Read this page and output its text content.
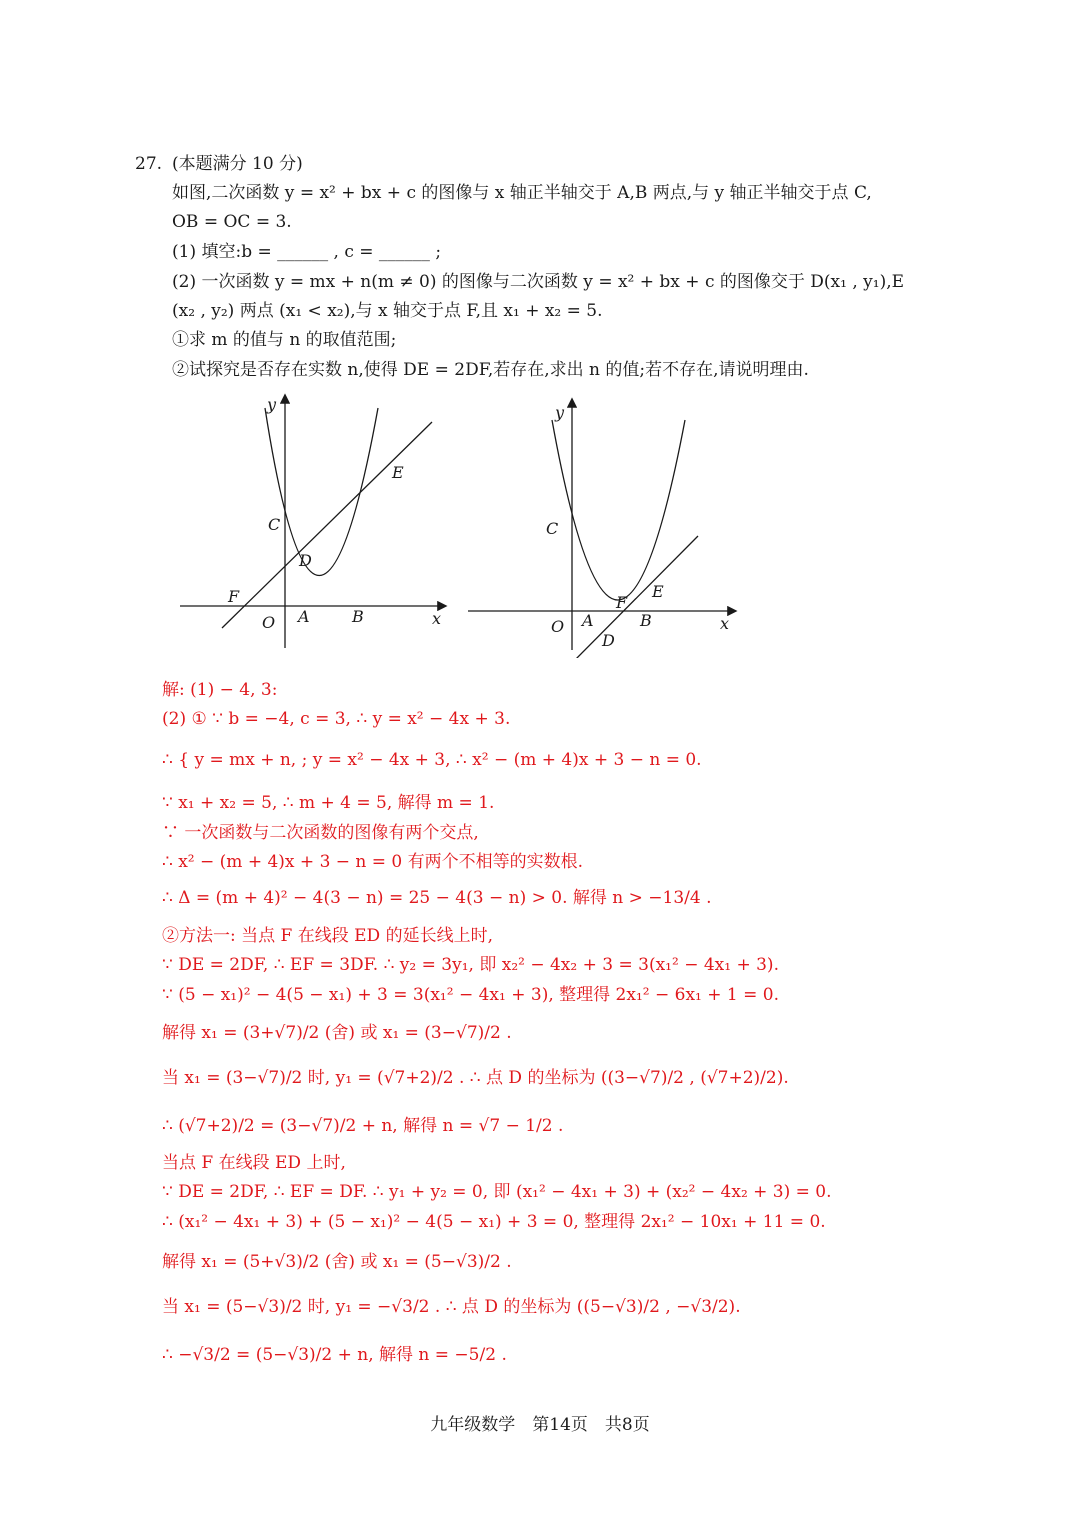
27. (本题满分 10 分)
如图,二次函数 y = x² + bx + c 的图像与 x 轴正半轴交于 A,B 两点,与 y 轴正半轴交于点 C,
OB = OC = 3.
(1) 填空:b = ______ , c = ______ ;
(2) 一次函数 y = mx + n(m ≠ 0) 的图像与二次函数 y = x² + bx + c 的图像交于 D(x₁ , y₁),E
(x₂ , y₂) 两点 (x₁ < x₂),与 x 轴交于点 F,且 x₁ + x₂ = 5.
①求 m 的值与 n 的取值范围;
②试探究是否存在实数 n,使得 DE = 2DF,若存在,求出 n 的值;若不存在,请说明理由.
y
x
O A	B
C
D
E
F
y
x
O A	B
C
D
E
F
解: (1) − 4, 3:
(2) ① ∵ b = −4, c = 3, ∴ y = x² − 4x + 3.
∴ { y = mx + n, ; y = x² − 4x + 3, ∴ x² − (m + 4)x + 3 − n = 0.
∵ x₁ + x₂ = 5, ∴ m + 4 = 5, 解得 m = 1.
∵ 一次函数与二次函数的图像有两个交点,
∴ x² − (m + 4)x + 3 − n = 0 有两个不相等的实数根.
∴ Δ = (m + 4)² − 4(3 − n) = 25 − 4(3 − n) > 0. 解得 n > −13/4 .
②方法一: 当点 F 在线段 ED 的延长线上时,
∵ DE = 2DF, ∴ EF = 3DF. ∴ y₂ = 3y₁, 即 x₂² − 4x₂ + 3 = 3(x₁² − 4x₁ + 3).
∵ (5 − x₁)² − 4(5 − x₁) + 3 = 3(x₁² − 4x₁ + 3), 整理得 2x₁² − 6x₁ + 1 = 0.
解得 x₁ = (3+√7)/2 (舍) 或 x₁ = (3−√7)/2 .
当 x₁ = (3−√7)/2 时, y₁ = (√7+2)/2 . ∴ 点 D 的坐标为 ((3−√7)/2 , (√7+2)/2).
∴ (√7+2)/2 = (3−√7)/2 + n, 解得 n = √7 − 1/2 .
当点 F 在线段 ED 上时,
∵ DE = 2DF, ∴ EF = DF. ∴ y₁ + y₂ = 0, 即 (x₁² − 4x₁ + 3) + (x₂² − 4x₂ + 3) = 0.
∴ (x₁² − 4x₁ + 3) + (5 − x₁)² − 4(5 − x₁) + 3 = 0, 整理得 2x₁² − 10x₁ + 11 = 0.
解得 x₁ = (5+√3)/2 (舍) 或 x₁ = (5−√3)/2 .
当 x₁ = (5−√3)/2 时, y₁ = −√3/2 . ∴ 点 D 的坐标为 ((5−√3)/2 , −√3/2).
∴ −√3/2 = (5−√3)/2 + n, 解得 n = −5/2 .
九年级数学　第14页　共8页
